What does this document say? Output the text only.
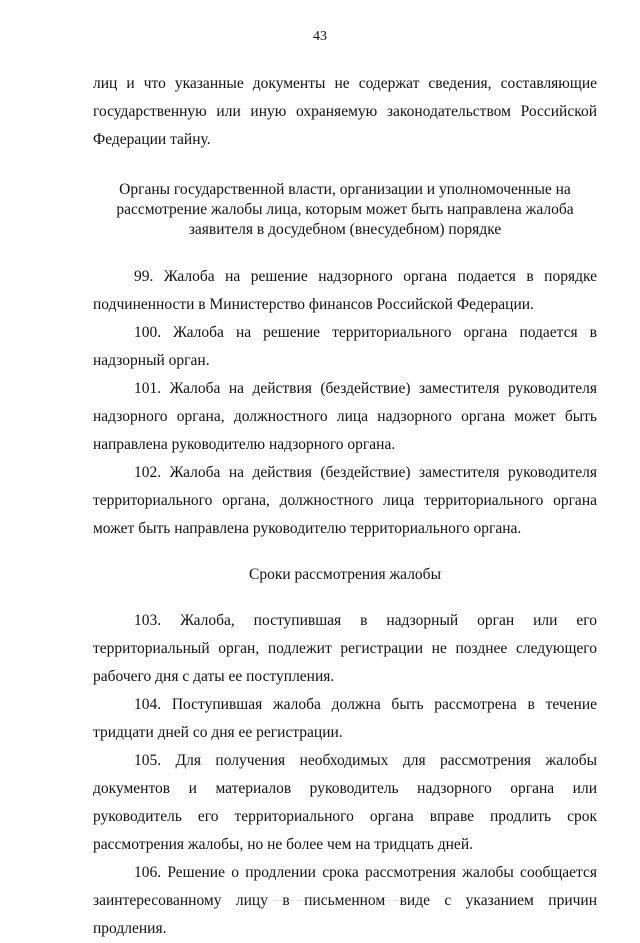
43

лиц и что указанные документы не содержат сведения, составляющие государственную или иную охраняемую законодательством Российской Федерации тайну.

Органы государственной власти, организации и уполномоченные на рассмотрение жалобы лица, которым может быть направлена жалоба заявителя в досудебном (внесудебном) порядке

99. Жалоба на решение надзорного органа подается в порядке подчиненности в Министерство финансов Российской Федерации.

100. Жалоба на решение территориального органа подается в надзорный орган.

101. Жалоба на действия (бездействие) заместителя руководителя надзорного органа, должностного лица надзорного органа может быть направлена руководителю надзорного органа.

102. Жалоба на действия (бездействие) заместителя руководителя территориального органа, должностного лица территориального органа может быть направлена руководителю территориального органа.

Сроки рассмотрения жалобы

103. Жалоба, поступившая в надзорный орган или его территориальный орган, подлежит регистрации не позднее следующего рабочего дня с даты ее поступления.

104. Поступившая жалоба должна быть рассмотрена в течение тридцати дней со дня ее регистрации.

105. Для получения необходимых для рассмотрения жалобы документов и материалов руководитель надзорного органа или руководитель его территориального органа вправе продлить срок рассмотрения жалобы, но не более чем на тридцать дней.

106. Решение о продлении срока рассмотрения жалобы сообщается заинтересованному лицу в письменном виде с указанием причин продления.
